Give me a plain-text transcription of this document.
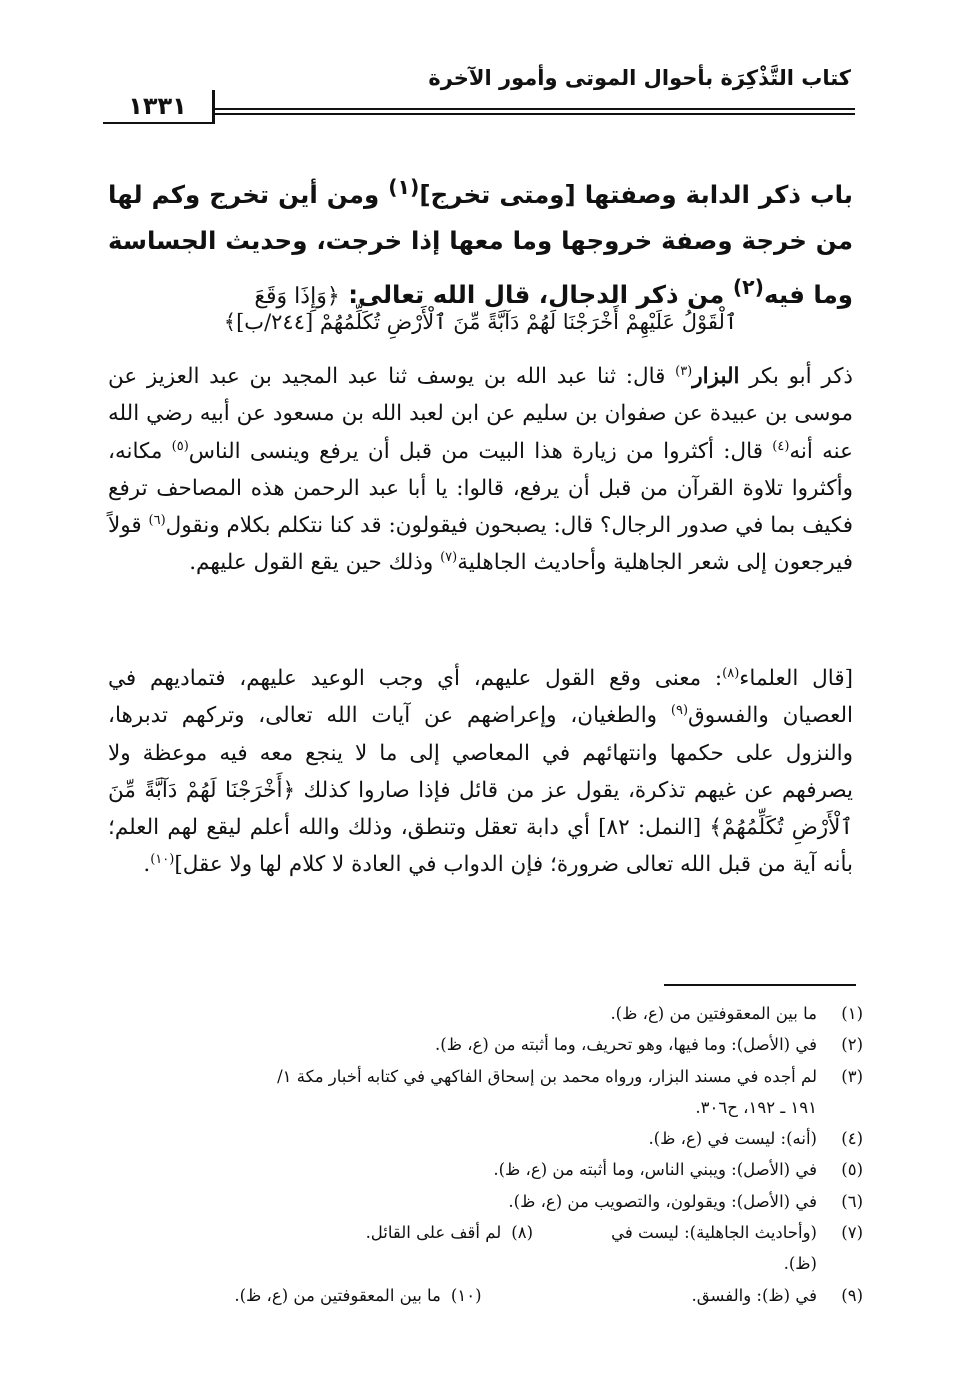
كتاب التَّذْكِرَة بأحوال الموتى وأمور الآخرة
١٣٣١
باب ذكر الدابة وصفتها [ومتى تخرج]$^{(١)}$ ومن أين تخرج وكم لها من خرجة وصفة خروجها وما معها إذا خرجت، وحديث الجساسة وما فيه$^{(٢)}$ من ذكر الدجال، قال الله تعالى: ﴿وَإِذَا وَقَعَ
ٱلْقَوْلُ عَلَيْهِمْ أَخْرَجْنَا لَهُمْ دَآبَّةً مِّنَ ٱلْأَرْضِ تُكَلِّمُهُمْ [٢٤٤/ب]﴾
ذكر أبو بكر البزار$^{(٣)}$ قال: ثنا عبد الله بن يوسف ثنا عبد المجيد بن عبد العزيز عن موسى بن عبيدة عن صفوان بن سليم عن ابن لعبد الله بن مسعود عن أبيه رضي الله عنه أنه$^{(٤)}$ قال: أكثروا من زيارة هذا البيت من قبل أن يرفع وينسى الناس$^{(٥)}$ مكانه، وأكثروا تلاوة القرآن من قبل أن يرفع، قالوا: يا أبا عبد الرحمن هذه المصاحف ترفع فكيف بما في صدور الرجال؟ قال: يصبحون فيقولون: قد كنا نتكلم بكلام ونقول$^{(٦)}$ قولاً فيرجعون إلى شعر الجاهلية وأحاديث الجاهلية$^{(٧)}$ وذلك حين يقع القول عليهم.
[قال العلماء$^{(٨)}$: معنى وقع القول عليهم، أي وجب الوعيد عليهم، فتماديهم في العصيان والفسوق$^{(٩)}$ والطغيان، وإعراضهم عن آيات الله تعالى، وتركهم تدبرها، والنزول على حكمها وانتهائهم في المعاصي إلى ما لا ينجع معه فيه موعظة ولا يصرفهم عن غيهم تذكرة، يقول عز من قائل فإذا صاروا كذلك ﴿أَخْرَجْنَا لَهُمْ دَآبَّةً مِّنَ ٱلْأَرْضِ تُكَلِّمُهُمْ﴾ [النمل: ٨٢] أي دابة تعقل وتنطق، وذلك والله أعلم ليقع لهم العلم؛ بأنه آية من قبل الله تعالى ضرورة؛ فإن الدواب في العادة لا كلام لها ولا عقل]$^{(١٠)}$.
(١)
ما بين المعقوفتين من (ع، ظ).
(٢)
في (الأصل): وما فيها، وهو تحريف، وما أثبته من (ع، ظ).
(٣)
لم أجده في مسند البزار، ورواه محمد بن إسحاق الفاكهي في كتابه أخبار مكة ١/
١٩١ ـ ١٩٢، ح٣٠٦.
(٤)
(أنه): ليست في (ع، ظ).
(٥)
في (الأصل): ويبني الناس، وما أثبته من (ع، ظ).
(٦)
في (الأصل): ويقولون، والتصويب من (ع، ظ).
(٧)
(وأحاديث الجاهلية): ليست في (ظ).
(٨)
لم أقف على القائل.
(٩)
في (ظ): والفسق.
(١٠)
ما بين المعقوفتين من (ع، ظ).
